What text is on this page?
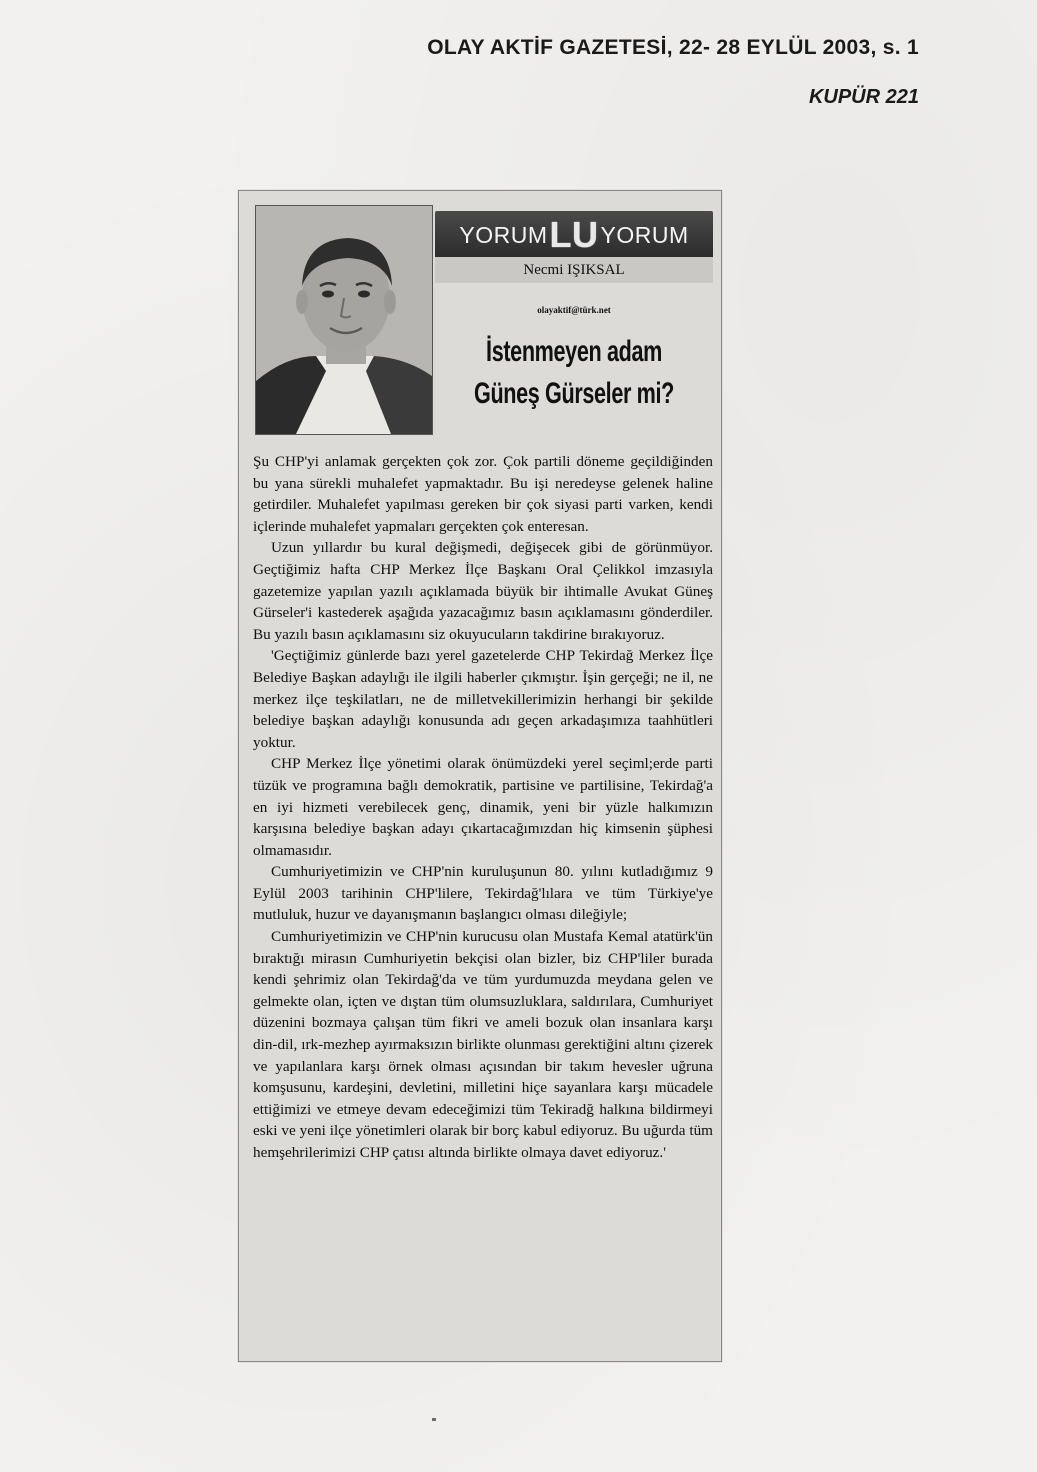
OLAY AKTİF GAZETESİ, 22- 28 EYLÜL 2003, s. 1
KUPÜR 221
YORUM LU YORUM
Necmi IŞIKSAL
olayaktif@türk.net
İstenmeyen adam
Güneş Gürseler mi?

Şu CHP'yi anlamak gerçekten çok zor. Çok partili döneme geçildiğinden bu yana sürekli muhalefet yapmaktadır. Bu işi neredeyse gelenek haline getirdiler. Muhalefet yapılması gereken bir çok siyasi parti varken, kendi içlerinde muhalefet yapmaları gerçekten çok enteresan.

Uzun yıllardır bu kural değişmedi, değişecek gibi de görünmüyor. Geçtiğimiz hafta CHP Merkez İlçe Başkanı Oral Çelikkol imzasıyla gazetemize yapılan yazılı açıklamada büyük bir ihtimalle Avukat Güneş Gürseler'i kastederek aşağıda yazacağımız basın açıklamasını gönderdiler. Bu yazılı basın açıklamasını siz okuyucuların takdirine bırakıyoruz.

'Geçtiğimiz günlerde bazı yerel gazetelerde CHP Tekirdağ Merkez İlçe Belediye Başkan adaylığı ile ilgili haberler çıkmıştır. İşin gerçeği; ne il, ne merkez ilçe teşkilatları, ne de milletvekillerimizin herhangi bir şekilde belediye başkan adaylığı konusunda adı geçen arkadaşımıza taahhütleri yoktur.

CHP Merkez İlçe yönetimi olarak önümüzdeki yerel seçiml;erde parti tüzük ve programına bağlı demokratik, partisine ve partilisine, Tekirdağ'a en iyi hizmeti verebilecek genç, dinamik, yeni bir yüzle halkımızın karşısına belediye başkan adayı çıkartacağımızdan hiç kimsenin şüphesi olmamasıdır.

Cumhuriyetimizin ve CHP'nin kuruluşunun 80. yılını kutladığımız 9 Eylül 2003 tarihinin CHP'lilere, Tekirdağ'lılara ve tüm Türkiye'ye mutluluk, huzur ve dayanışmanın başlangıcı olması dileğiyle;

Cumhuriyetimizin ve CHP'nin kurucusu olan Mustafa Kemal atatürk'ün bıraktığı mirasın Cumhuriyetin bekçisi olan bizler, biz CHP'liler burada kendi şehrimiz olan Tekirdağ'da ve tüm yurdumuzda meydana gelen ve gelmekte olan, içten ve dıştan tüm olumsuzluklara, saldırılara, Cumhuriyet düzenini bozmaya çalışan tüm fikri ve ameli bozuk olan insanlara karşı din-dil, ırk-mezhep ayırmaksızın birlikte olunması gerektiğini altını çizerek ve yapılanlara karşı örnek olması açısından bir takım hevesler uğruna komşusunu, kardeşini, devletini, milletini hiçe sayanlara karşı mücadele ettiğimizi ve etmeye devam edeceğimizi tüm Tekiradğ halkına bildirmeyi eski ve yeni ilçe yönetimleri olarak bir borç kabul ediyoruz. Bu uğurda tüm hemşehrilerimizi CHP çatısı altında birlikte olmaya davet ediyoruz.'
